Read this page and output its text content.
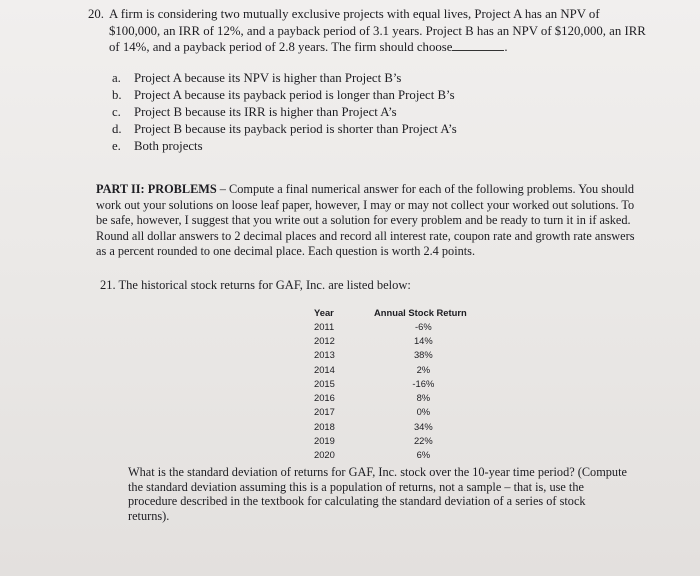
20. A firm is considering two mutually exclusive projects with equal lives, Project A has an NPV of $100,000, an IRR of 12%, and a payback period of 3.1 years. Project B has an NPV of $120,000, an IRR of 14%, and a payback period of 2.8 years. The firm should choose	.
a.	Project A because its NPV is higher than Project B’s
b. Project A because its payback period is longer than Project B’s
c.	Project B because its IRR is higher than Project A’s
d. Project B because its payback period is shorter than Project A’s
e.	Both projects
PART II: PROBLEMS – Compute a final numerical answer for each of the following problems. You should work out your solutions on loose leaf paper, however, I may or may not collect your worked out solutions. To be safe, however, I suggest that you write out a solution for every problem and be ready to turn it in if asked. Round all dollar answers to 2 decimal places and record all interest rate, coupon rate and growth rate answers as a percent rounded to one decimal place. Each question is worth 2.4 points.
21. The historical stock returns for GAF, Inc. are listed below:
Year	Annual Stock Return
2011	-6%
2012	14%
2013	38%
2014	2%
2015	-16%
2016	8%
2017	0%
2018	34%
2019	22%
2020	6%
What is the standard deviation of returns for GAF, Inc. stock over the 10-year time period? (Compute the standard deviation assuming this is a population of returns, not a sample – that is, use the procedure described in the textbook for calculating the standard deviation of a series of stock returns).
